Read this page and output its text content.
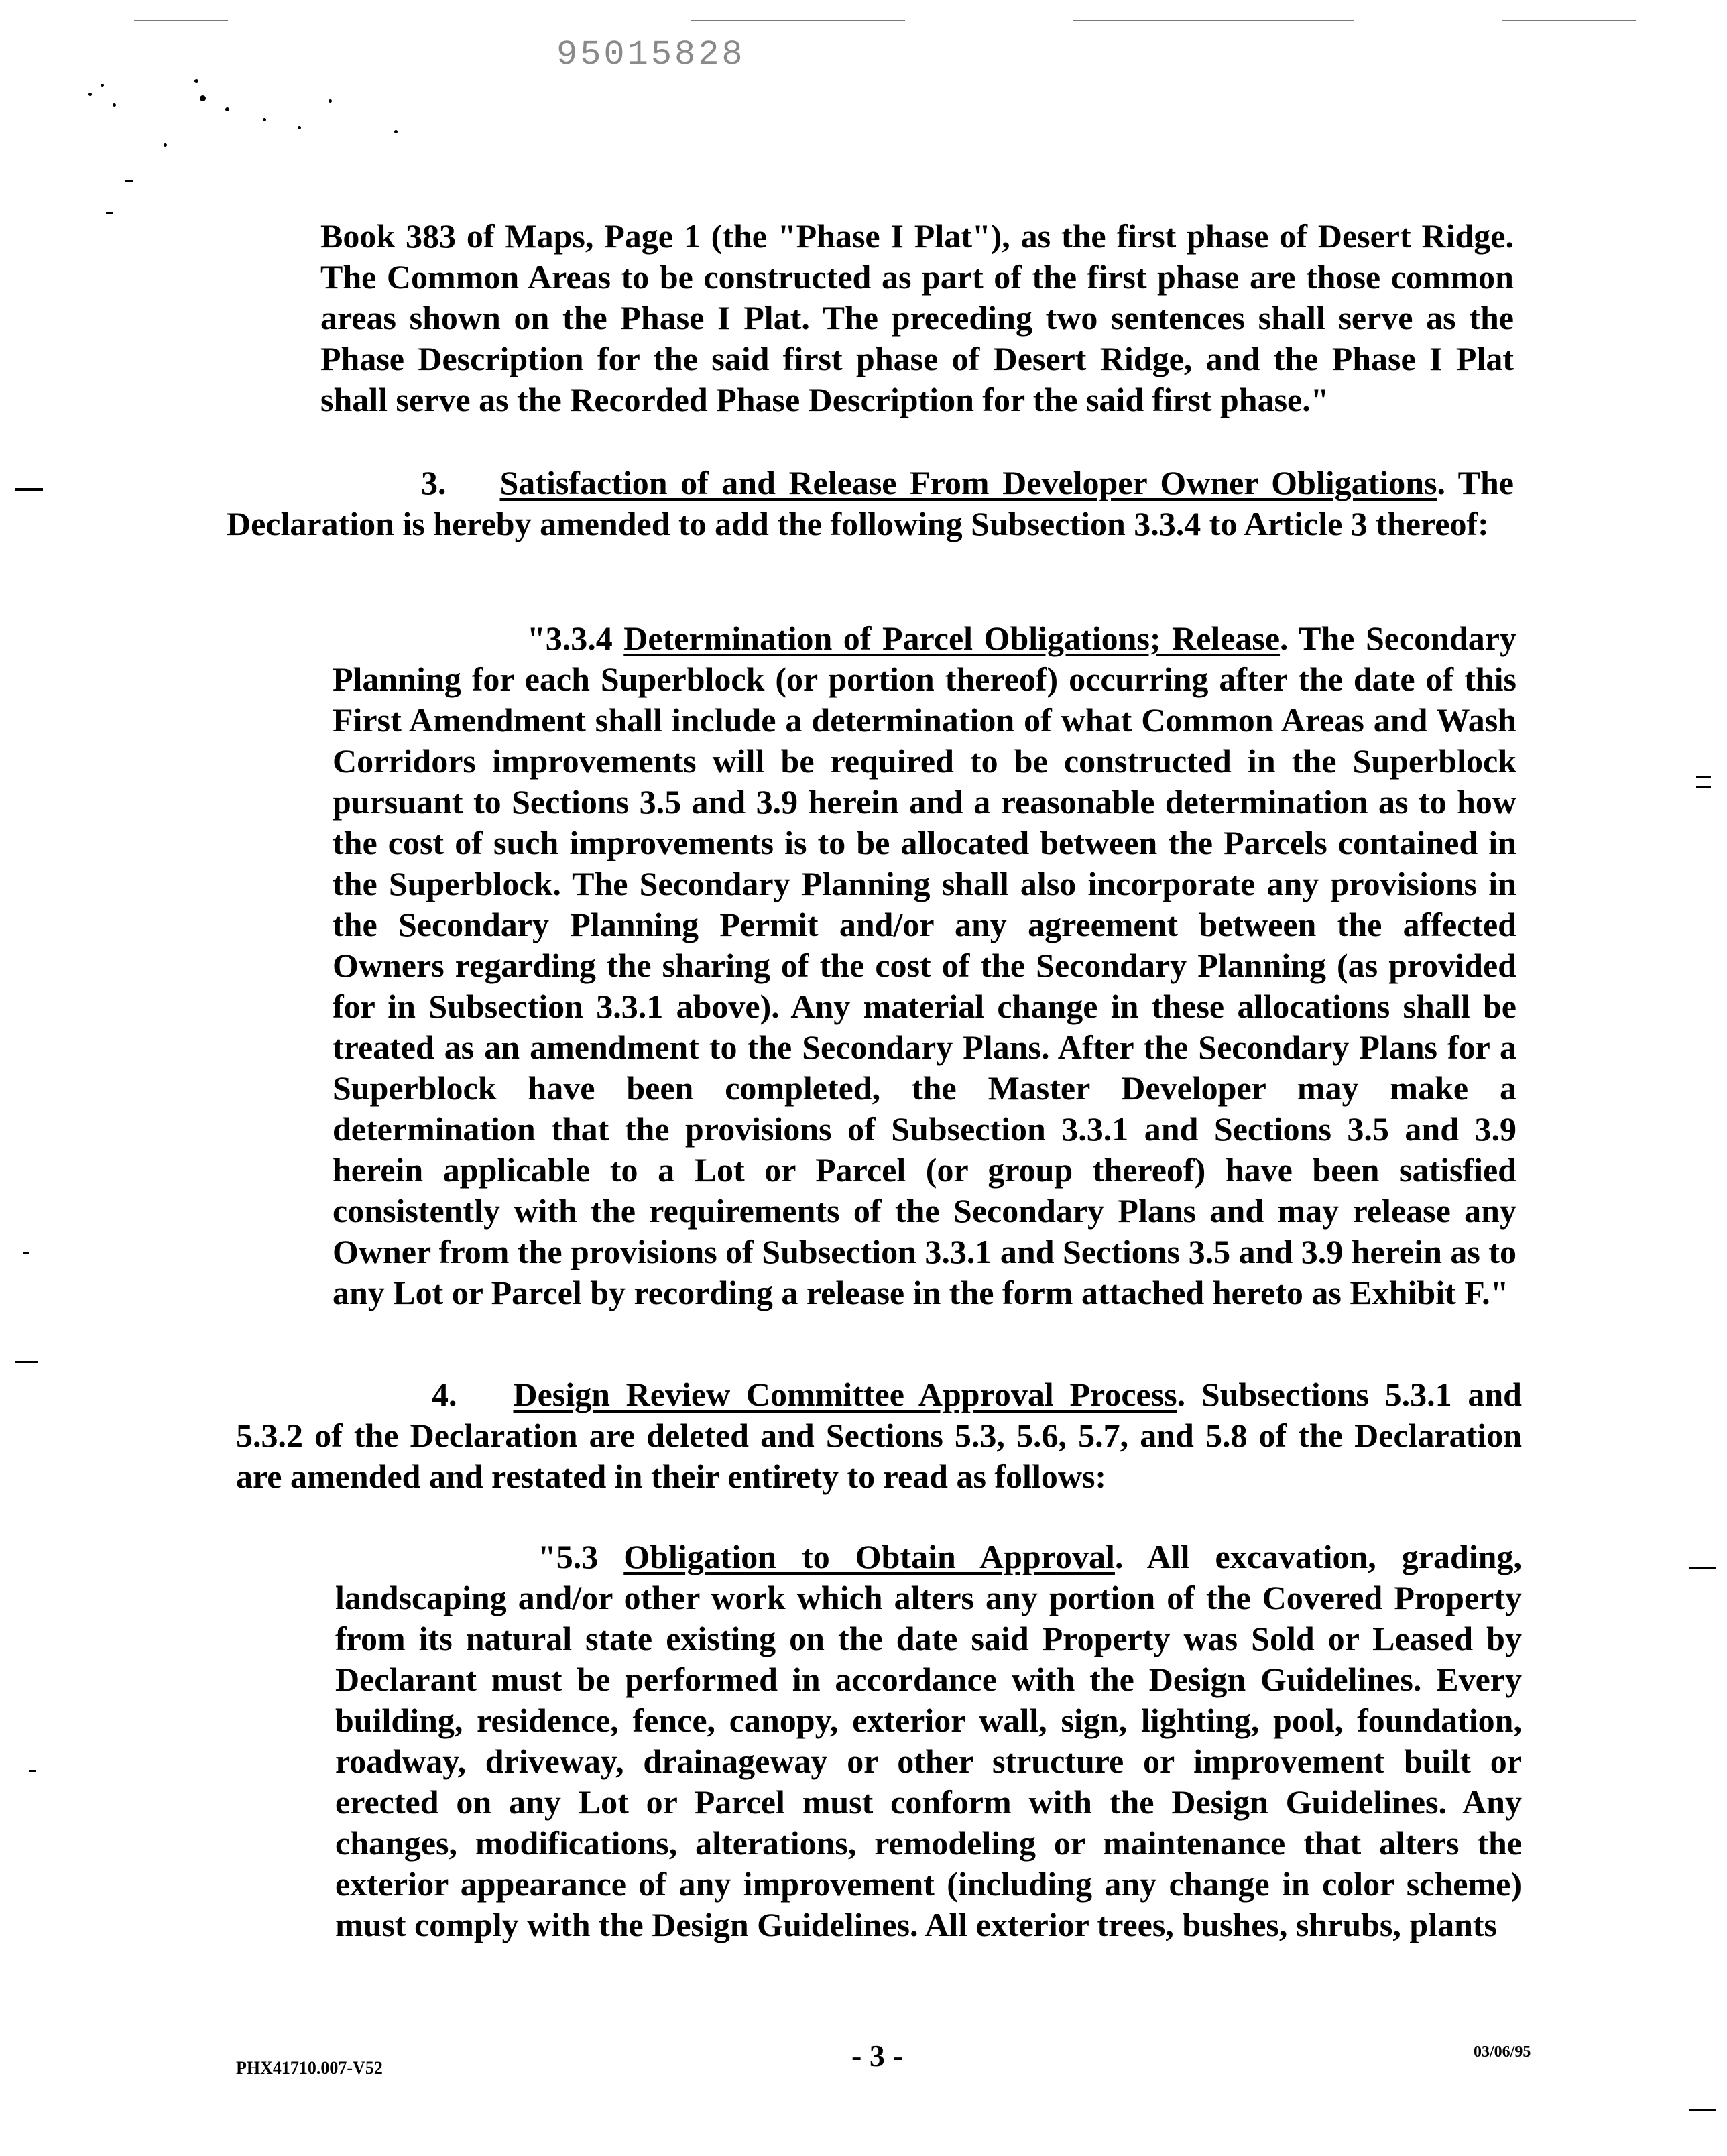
95015828

Book 383 of Maps, Page 1 (the "Phase I Plat"), as the first phase of Desert Ridge. The Common Areas to be constructed as part of the first phase are those common areas shown on the Phase I Plat. The preceding two sentences shall serve as the Phase Description for the said first phase of Desert Ridge, and the Phase I Plat shall serve as the Recorded Phase Description for the said first phase."

3. Satisfaction of and Release From Developer Owner Obligations. The Declaration is hereby amended to add the following Subsection 3.3.4 to Article 3 thereof:

"3.3.4 Determination of Parcel Obligations; Release. The Secondary Planning for each Superblock (or portion thereof) occurring after the date of this First Amendment shall include a determination of what Common Areas and Wash Corridors improvements will be required to be constructed in the Superblock pursuant to Sections 3.5 and 3.9 herein and a reasonable determination as to how the cost of such improvements is to be allocated between the Parcels contained in the Superblock. The Secondary Planning shall also incorporate any provisions in the Secondary Planning Permit and/or any agreement between the affected Owners regarding the sharing of the cost of the Secondary Planning (as provided for in Subsection 3.3.1 above). Any material change in these allocations shall be treated as an amendment to the Secondary Plans. After the Secondary Plans for a Superblock have been completed, the Master Developer may make a determination that the provisions of Subsection 3.3.1 and Sections 3.5 and 3.9 herein applicable to a Lot or Parcel (or group thereof) have been satisfied consistently with the requirements of the Secondary Plans and may release any Owner from the provisions of Subsection 3.3.1 and Sections 3.5 and 3.9 herein as to any Lot or Parcel by recording a release in the form attached hereto as Exhibit F."

4. Design Review Committee Approval Process. Subsections 5.3.1 and 5.3.2 of the Declaration are deleted and Sections 5.3, 5.6, 5.7, and 5.8 of the Declaration are amended and restated in their entirety to read as follows:

"5.3 Obligation to Obtain Approval. All excavation, grading, landscaping and/or other work which alters any portion of the Covered Property from its natural state existing on the date said Property was Sold or Leased by Declarant must be performed in accordance with the Design Guidelines. Every building, residence, fence, canopy, exterior wall, sign, lighting, pool, foundation, roadway, driveway, drainageway or other structure or improvement built or erected on any Lot or Parcel must conform with the Design Guidelines. Any changes, modifications, alterations, remodeling or maintenance that alters the exterior appearance of any improvement (including any change in color scheme) must comply with the Design Guidelines. All exterior trees, bushes, shrubs, plants

PHX41710.007-V52	- 3 -	03/06/95
